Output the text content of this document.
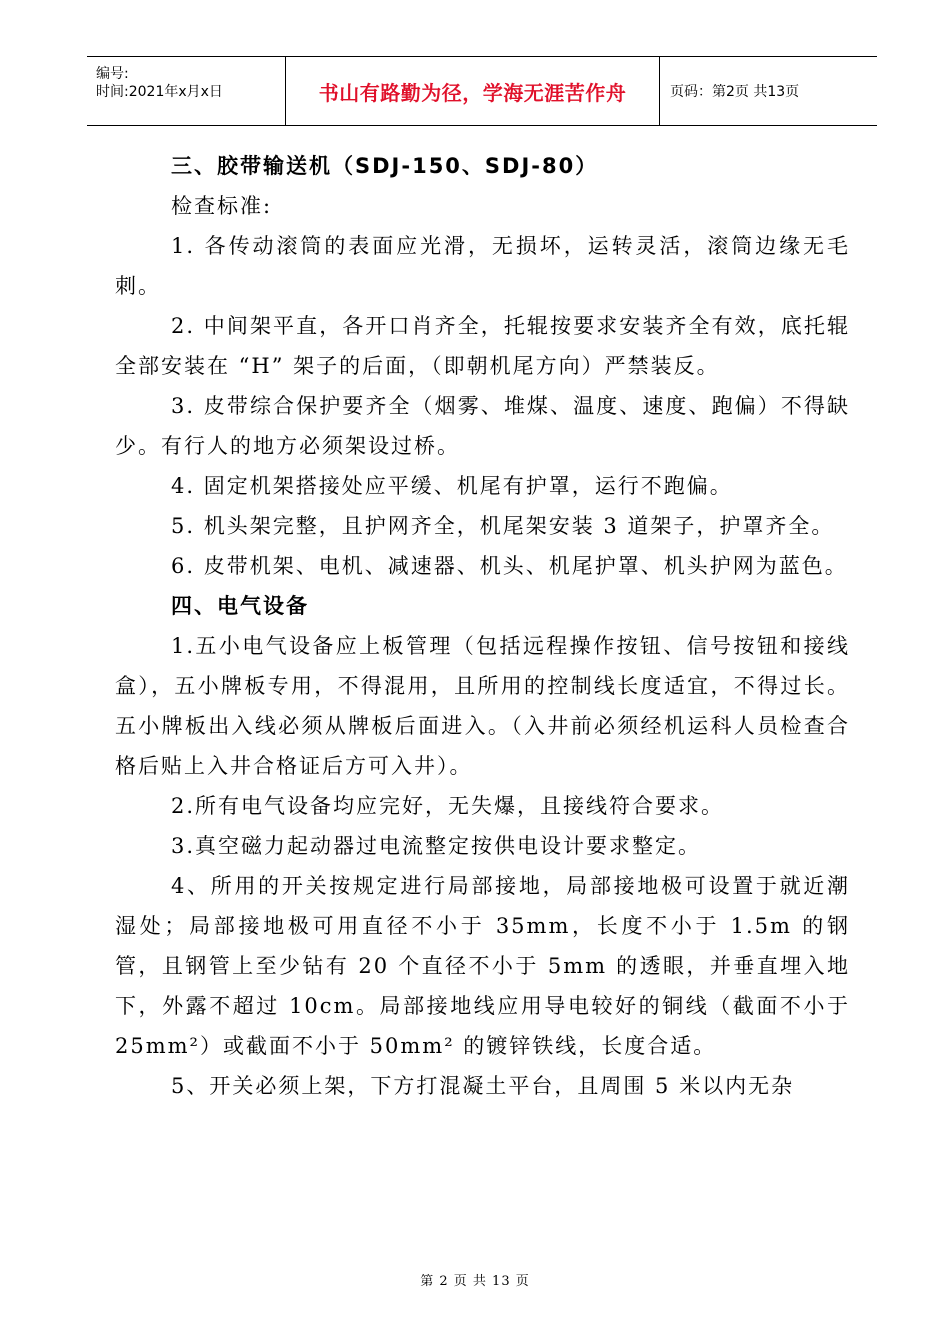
编号:
时间:2021年x月x日	书山有路勤为径，学海无涯苦作舟	页码：第2页 共13页

三、胶带输送机（SDJ-150、SDJ-80）

检查标准:

1. 各传动滚筒的表面应光滑，无损坏，运转灵活，滚筒边缘无毛刺。

2. 中间架平直，各开口肖齐全，托辊按要求安装齐全有效，底托辊全部安装在 “H” 架子的后面，（即朝机尾方向）严禁装反。

3. 皮带综合保护要齐全（烟雾、堆煤、温度、速度、跑偏）不得缺少。有行人的地方必须架设过桥。

4. 固定机架搭接处应平缓、机尾有护罩，运行不跑偏。

5. 机头架完整，且护网齐全，机尾架安装 3 道架子，护罩齐全。

6. 皮带机架、电机、减速器、机头、机尾护罩、机头护网为蓝色。

四、电气设备

1.五小电气设备应上板管理（包括远程操作按钮、信号按钮和接线盒），五小牌板专用，不得混用，且所用的控制线长度适宜，不得过长。五小牌板出入线必须从牌板后面进入。（入井前必须经机运科人员检查合格后贴上入井合格证后方可入井）。

2.所有电气设备均应完好，无失爆，且接线符合要求。

3.真空磁力起动器过电流整定按供电设计要求整定。

4、所用的开关按规定进行局部接地，局部接地极可设置于就近潮湿处；局部接地极可用直径不小于 35mm，长度不小于 1.5m 的钢管，且钢管上至少钻有 20 个直径不小于 5mm 的透眼，并垂直埋入地下，外露不超过 10cm。局部接地线应用导电较好的铜线（截面不小于 25mm²）或截面不小于 50mm² 的镀锌铁线，长度合适。

5、开关必须上架，下方打混凝土平台，且周围 5 米以内无杂

第 2 页 共 13 页
